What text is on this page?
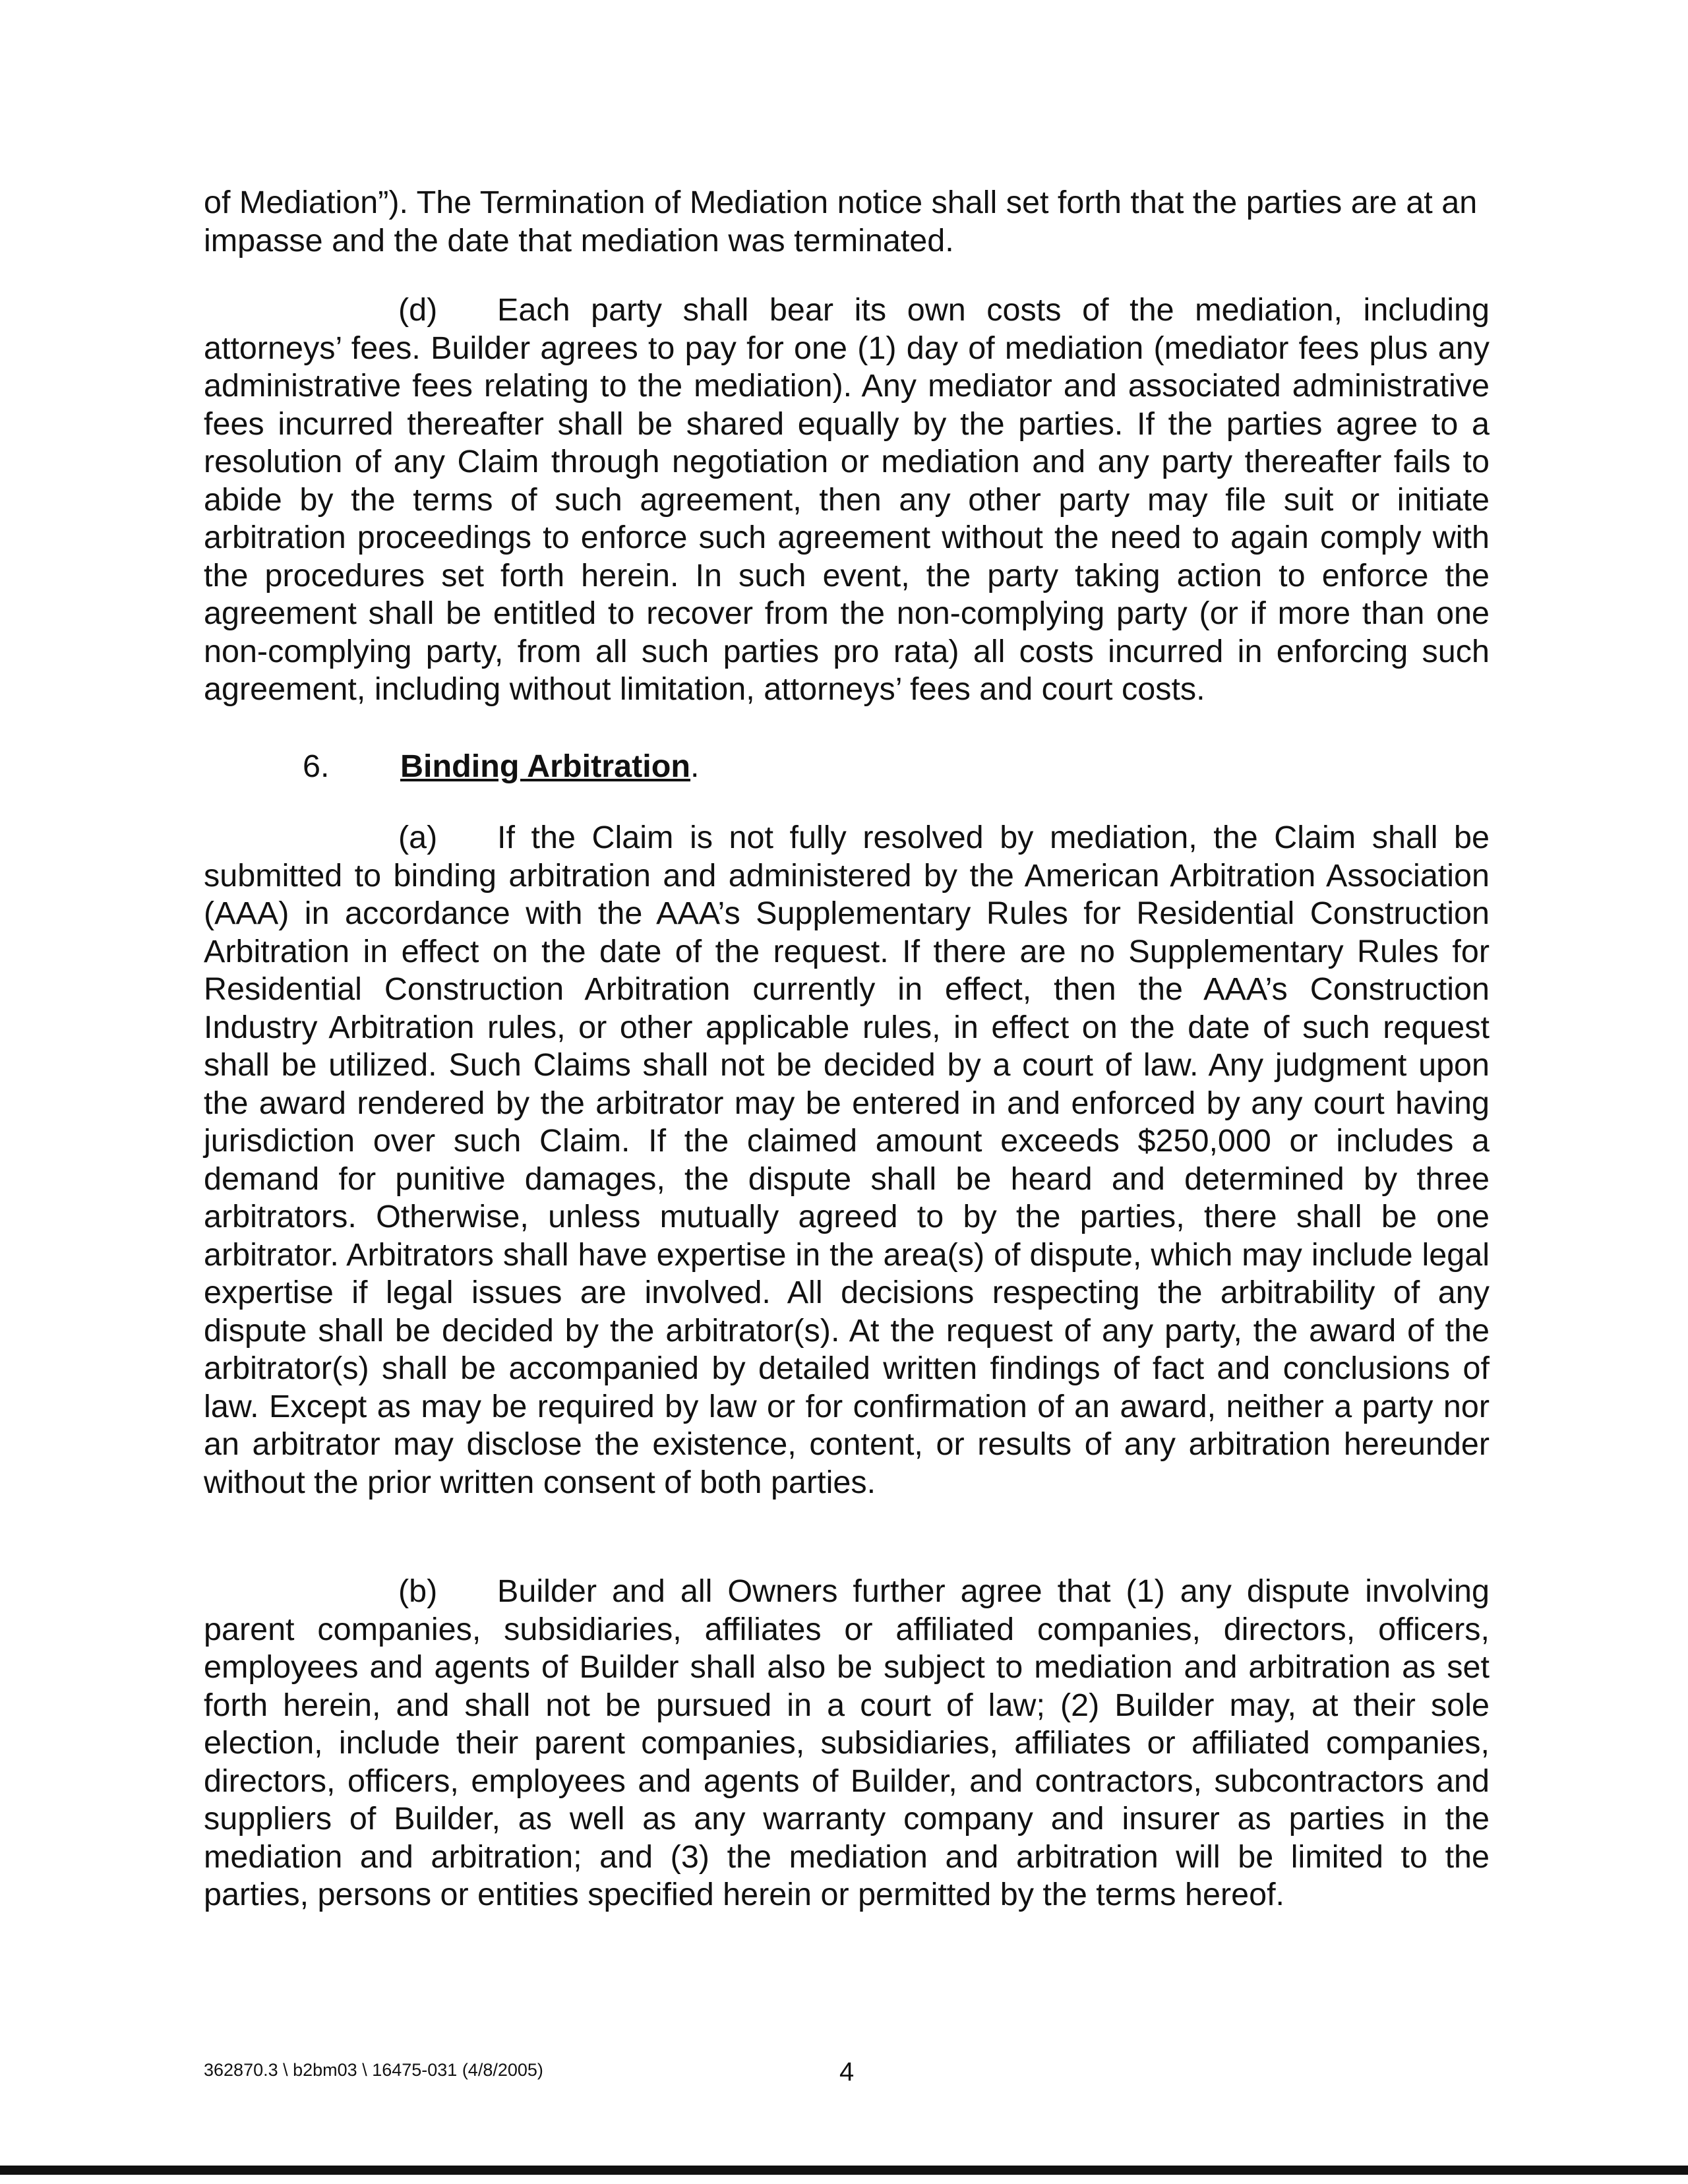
of Mediation”). The Termination of Mediation notice shall set forth that the parties are at an impasse and the date that mediation was terminated.

(d) Each party shall bear its own costs of the mediation, including attorneys’ fees. Builder agrees to pay for one (1) day of mediation (mediator fees plus any administrative fees relating to the mediation). Any mediator and associated administrative fees incurred thereafter shall be shared equally by the parties. If the parties agree to a resolution of any Claim through negotiation or mediation and any party thereafter fails to abide by the terms of such agreement, then any other party may file suit or initiate arbitration proceedings to enforce such agreement without the need to again comply with the procedures set forth herein. In such event, the party taking action to enforce the agreement shall be entitled to recover from the non-complying party (or if more than one non-complying party, from all such parties pro rata) all costs incurred in enforcing such agreement, including without limitation, attorneys’ fees and court costs.

6. Binding Arbitration.

(a) If the Claim is not fully resolved by mediation, the Claim shall be submitted to binding arbitration and administered by the American Arbitration Association (AAA) in accordance with the AAA’s Supplementary Rules for Residential Construction Arbitration in effect on the date of the request. If there are no Supplementary Rules for Residential Construction Arbitration currently in effect, then the AAA’s Construction Industry Arbitration rules, or other applicable rules, in effect on the date of such request shall be utilized. Such Claims shall not be decided by a court of law. Any judgment upon the award rendered by the arbitrator may be entered in and enforced by any court having jurisdiction over such Claim. If the claimed amount exceeds $250,000 or includes a demand for punitive damages, the dispute shall be heard and determined by three arbitrators. Otherwise, unless mutually agreed to by the parties, there shall be one arbitrator. Arbitrators shall have expertise in the area(s) of dispute, which may include legal expertise if legal issues are involved. All decisions respecting the arbitrability of any dispute shall be decided by the arbitrator(s). At the request of any party, the award of the arbitrator(s) shall be accompanied by detailed written findings of fact and conclusions of law. Except as may be required by law or for confirmation of an award, neither a party nor an arbitrator may disclose the existence, content, or results of any arbitration hereunder without the prior written consent of both parties.

(b) Builder and all Owners further agree that (1) any dispute involving parent companies, subsidiaries, affiliates or affiliated companies, directors, officers, employees and agents of Builder shall also be subject to mediation and arbitration as set forth herein, and shall not be pursued in a court of law; (2) Builder may, at their sole election, include their parent companies, subsidiaries, affiliates or affiliated companies, directors, officers, employees and agents of Builder, and contractors, subcontractors and suppliers of Builder, as well as any warranty company and insurer as parties in the mediation and arbitration; and (3) the mediation and arbitration will be limited to the parties, persons or entities specified herein or permitted by the terms hereof.

362870.3 \ b2bm03 \ 16475-031 (4/8/2005)	4
